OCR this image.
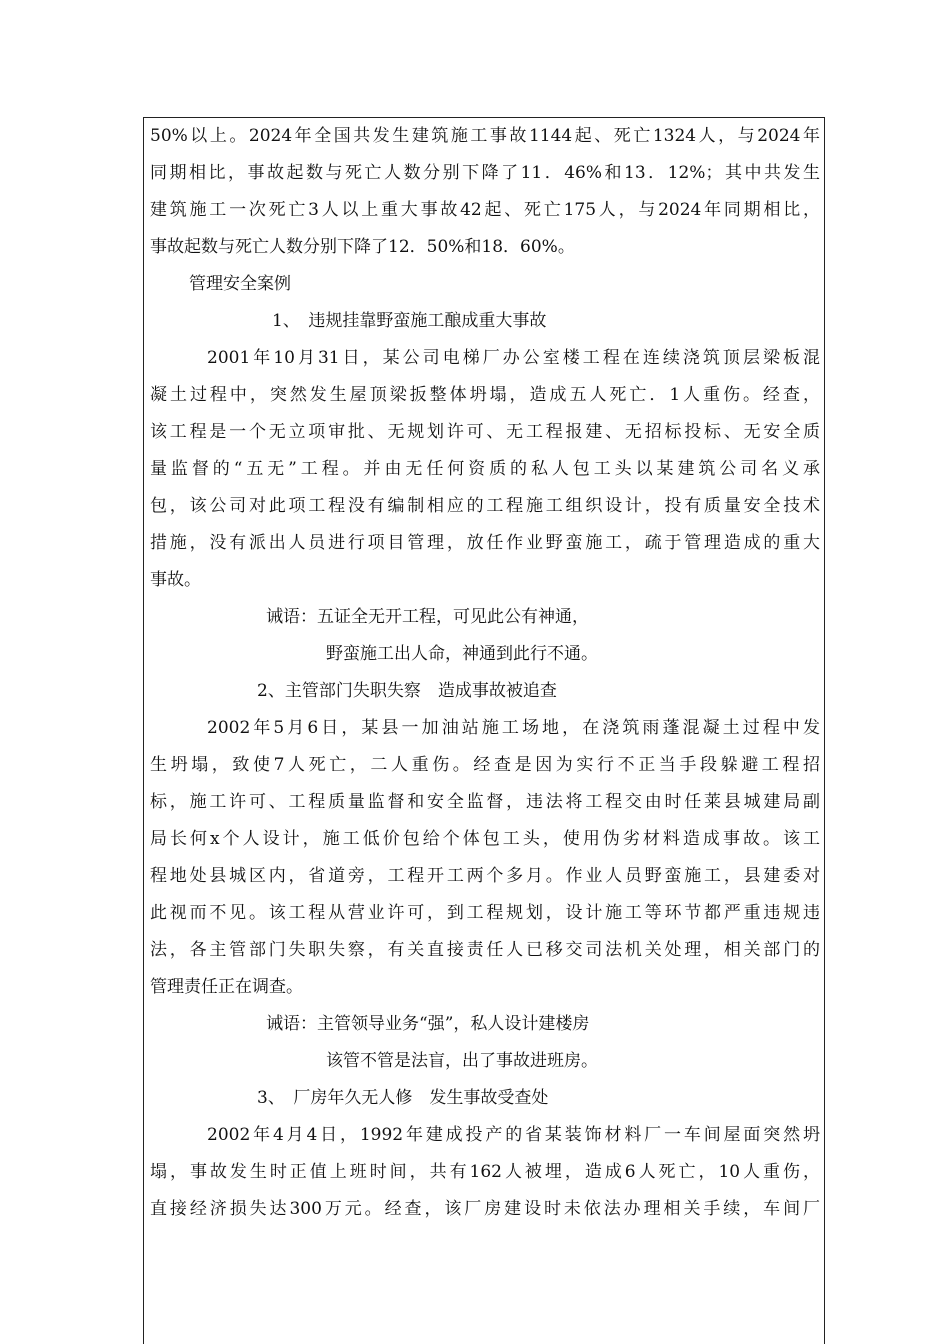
50%以上。2024年全国共发生建筑施工事故1144起、死亡1324人，与2024年
同期相比，事故起数与死亡人数分别下降了11．46%和13．12%；其中共发生
建筑施工一次死亡3人以上重大事故42起、死亡175人，与2024年同期相比，
事故起数与死亡人数分别下降了12．50%和18．60%。
管理安全案例
1、　违规挂靠野蛮施工酿成重大事故
2001年10月31日，某公司电梯厂办公室楼工程在连续浇筑顶层梁板混
凝土过程中，突然发生屋顶梁扳整体坍塌，造成五人死亡．1人重伤。经查，
该工程是一个无立项审批、无规划许可、无工程报建、无招标投标、无安全质
量监督的“五无”工程。并由无任何资质的私人包工头以某建筑公司名义承
包，该公司对此项工程没有编制相应的工程施工组织设计，投有质量安全技术
措施，没有派出人员进行项目管理，放任作业野蛮施工，疏于管理造成的重大
事故。
诫语：五证全无开工程，可见此公有神通，
野蛮施工出人命，神通到此行不通。
2、主管部门失职失察　造成事故被追查
2002年5月6日，某县一加油站施工场地，在浇筑雨蓬混凝土过程中发
生坍塌，致使7人死亡，二人重伤。经查是因为实行不正当手段躲避工程招
标，施工许可、工程质量监督和安全监督，违法将工程交由时任莱县城建局副
局长何x个人设计，施工低价包给个体包工头，使用伪劣材料造成事故。该工
程地处县城区内，省道旁，工程开工两个多月。作业人员野蛮施工，县建委对
此视而不见。该工程从营业许可，到工程规划，设计施工等环节都严重违规违
法，各主管部门失职失察，有关直接责任人已移交司法机关处理，相关部门的
管理责任正在调查。
诫语：主管领导业务“强”，私人设计建楼房
该管不管是法盲，出了事故进班房。
3、　厂房年久无人修　发生事故受查处
2002年4月4日，1992年建成投产的省某装饰材料厂一车间屋面突然坍
塌，事故发生时正值上班时间，共有162人被埋，造成6人死亡，10人重伤，
直接经济损失达300万元。经查，该厂房建设时未依法办理相关手续，车间厂
